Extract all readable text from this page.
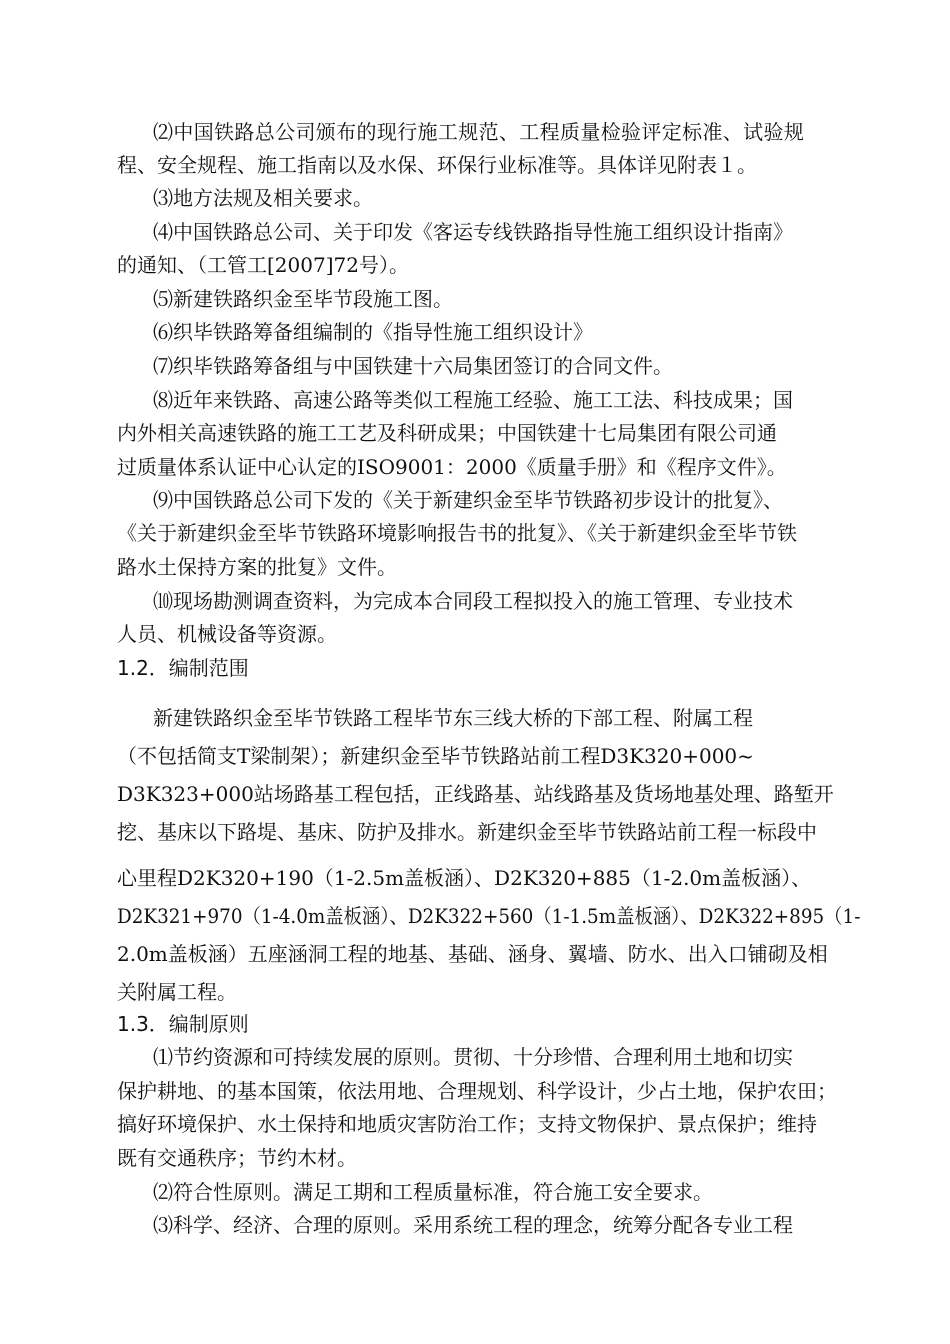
⑵中国铁路总公司颁布的现行施工规范、工程质量检验评定标准、试验规
程、安全规程、施工指南以及水保、环保行业标准等。具体详见附表１。
⑶地方法规及相关要求。
⑷中国铁路总公司、关于印发《客运专线铁路指导性施工组织设计指南》
的通知、（工管工[2007]72号）。
⑸新建铁路织金至毕节段施工图。
⑹织毕铁路筹备组编制的《指导性施工组织设计》
⑺织毕铁路筹备组与中国铁建十六局集团签订的合同文件。
⑻近年来铁路、高速公路等类似工程施工经验、施工工法、科技成果；国
内外相关高速铁路的施工工艺及科研成果；中国铁建十七局集团有限公司通
过质量体系认证中心认定的ISO9001：2000《质量手册》和《程序文件》。
⑼中国铁路总公司下发的《关于新建织金至毕节铁路初步设计的批复》、
《关于新建织金至毕节铁路环境影响报告书的批复》、《关于新建织金至毕节铁
路水土保持方案的批复》文件。
⑽现场勘测调查资料，为完成本合同段工程拟投入的施工管理、专业技术
人员、机械设备等资源。
1.2．编制范围
新建铁路织金至毕节铁路工程毕节东三线大桥的下部工程、附属工程
（不包括简支T梁制架）；新建织金至毕节铁路站前工程D3K320+000~
D3K323+000站场路基工程包括，正线路基、站线路基及货场地基处理、路堑开
挖、基床以下路堤、基床、防护及排水。新建织金至毕节铁路站前工程一标段中
心里程D2K320+190（1-2.5m盖板涵）、D2K320+885（1-2.0m盖板涵）、
D2K321+970（1-4.0m盖板涵）、D2K322+560（1-1.5m盖板涵）、D2K322+895（1-
2.0m盖板涵）五座涵洞工程的地基、基础、涵身、翼墙、防水、出入口铺砌及相
关附属工程。
1.3．编制原则
⑴节约资源和可持续发展的原则。贯彻、十分珍惜、合理利用土地和切实
保护耕地、的基本国策，依法用地、合理规划、科学设计，少占土地，保护农田；
搞好环境保护、水土保持和地质灾害防治工作；支持文物保护、景点保护；维持
既有交通秩序；节约木材。
⑵符合性原则。满足工期和工程质量标准，符合施工安全要求。
⑶科学、经济、合理的原则。采用系统工程的理念，统筹分配各专业工程
